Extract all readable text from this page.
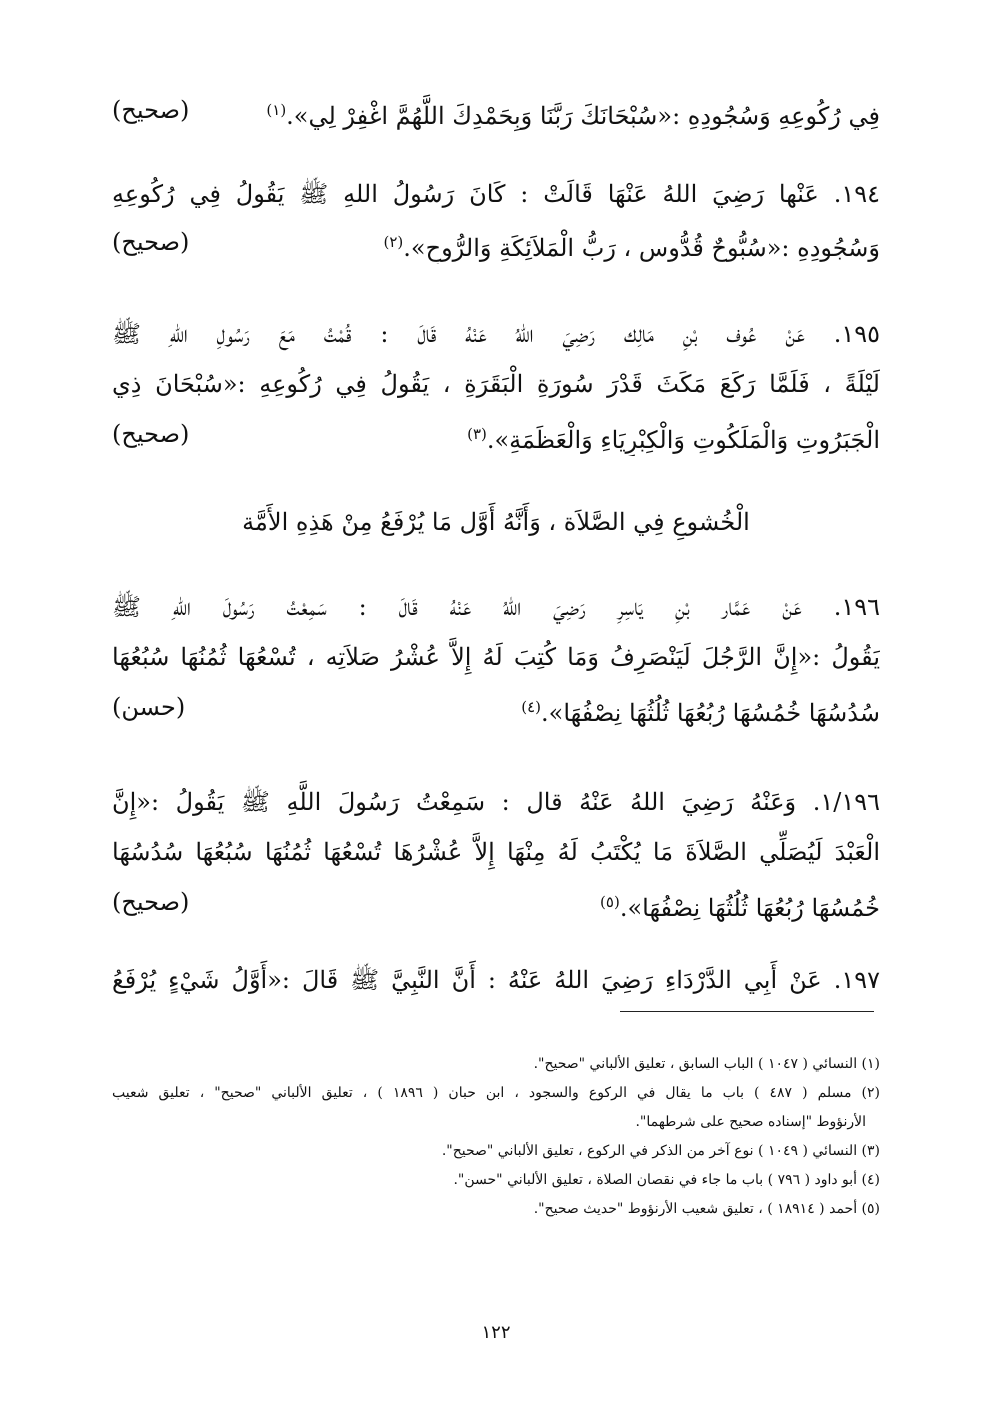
فِي رُكُوعِهِ وَسُجُودِهِ :«سُبْحَانَكَ رَبَّنَا وَبِحَمْدِكَ اللَّهُمَّ اغْفِرْ لِي».$^{(١)}$
(صحيح)
١٩٤. عَنْها رَضِيَ اللهُ عَنْهَا قَالَتْ : كَانَ رَسُولُ اللهِ ﷺ يَقُولُ فِي رُكُوعِهِ
وَسُجُودِهِ :«سُبُّوحٌ قُدُّوس ، رَبُّ الْمَلاَئِكَةِ وَالرُّوحِ».$^{(٢)}$
(صحيح)
١٩٥. عَنْ عُوف بْنِ مَالِك رَضِيَ اللهُ عَنْهُ قَالَ : قُمْتُ مَعَ رَسُولِ اللهِ ﷺ
لَيْلَةً ، فَلَمَّا رَكَعَ مَكَثَ قَدْرَ سُورَةِ الْبَقَرَةِ ، يَقُولُ فِي رُكُوعِهِ :«سُبْحَانَ ذِي
الْجَبَرُوتِ وَالْمَلَكُوتِ وَالْكِبْرِيَاءِ وَالْعَظَمَةِ».$^{(٣)}$
(صحيح)
الْخُشوعِ فِي الصَّلاَة ، وَأَنَّهُ أَوَّل مَا يُرْفَعُ مِنْ هَذِهِ الأَمَّة
١٩٦. عَنْ عَمَّار بْنِ يَاسِرِ رَضِيَ اللهُ عَنْهُ قَالَ : سَمِعْتُ رَسُولَ اللهِ ﷺ
يَقُولُ :«إِنَّ الرَّجُلَ لَيَنْصَرِفُ وَمَا كُتِبَ لَهُ إِلاَّ عُشْرُ صَلاَتِه ، تُسْعُهَا ثُمُنُهَا سُبُعُهَا
سُدُسُهَا خُمُسُهَا رُبُعُهَا ثُلُثُهَا نِصْفُهَا».$^{(٤)}$
(حسن)
١/١٩٦. وَعَنْهُ رَضِيَ اللهُ عَنْهُ قال : سَمِعْتُ رَسُولَ اللَّهِ ﷺ يَقُولُ :«إِنَّ
الْعَبْدَ لَيُصَلِّي الصَّلاَةَ مَا يُكْتَبُ لَهُ مِنْهَا إِلاَّ عُشْرُهَا تُسْعُهَا ثُمُنُهَا سُبُعُهَا سُدُسُهَا
خُمُسُهَا رُبُعُهَا ثُلُثُهَا نِصْفُهَا».$^{(٥)}$
(صحيح)
١٩٧. عَنْ أَبِي الدَّرْدَاءِ رَضِيَ اللهُ عَنْهُ : أَنَّ النَّبِيَّ ﷺ قَالَ :«أَوَّلُ شَيْءٍ يُرْفَعُ
(١) النسائي ( ١٠٤٧ ) الباب السابق ، تعليق الألباني "صحيح".
(٢) مسلم ( ٤٨٧ ) باب ما يقال في الركوع والسجود ، ابن حبان ( ١٨٩٦ ) ، تعليق الألباني "صحيح" ، تعليق شعيب
الأرنؤوط "إسناده صحيح على شرطهما".
(٣) النسائي ( ١٠٤٩ ) نوع آخر من الذكر في الركوع ، تعليق الألباني "صحيح".
(٤) أبو داود ( ٧٩٦ ) باب ما جاء في نقصان الصلاة ، تعليق الألباني "حسن".
(٥) أحمد ( ١٨٩١٤ ) ، تعليق شعيب الأرنؤوط "حديث صحيح".
١٢٢
